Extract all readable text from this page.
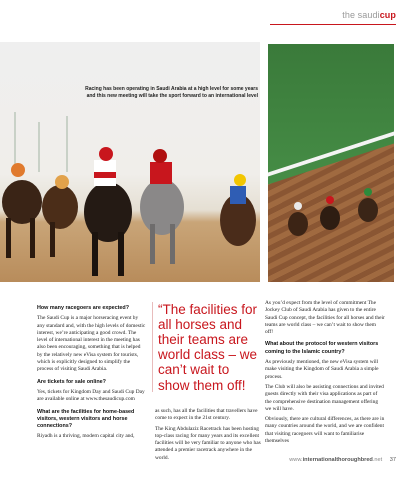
the saudicup
Racing has been operating in Saudi Arabia at a high level for some years and this new meeting will take the sport forward to an international level

How many racegoers are expected?

The Saudi Cup is a major horseracing event by any standard and, with the high levels of domestic interest, we’re anticipating a good crowd. The level of international interest in the meeting has also been encouraging, something that is helped by the relatively new eVisa system for tourists, which is explicitly designed to simplify the process of visiting Saudi Arabia.

Are tickets for sale online?

Yes, tickets for Kingdom Day and Saudi Cup Day are available online at www.thesaudicup.com

What are the facilities for home-based visitors, western visitors and horse connections?

Riyadh is a thriving, modern capital city and,

“The facilities for all horses and their teams are world class – we can’t wait to show them off!

as such, has all the facilities that travellers have come to expect in the 21st century.

The King Abdulaziz Racetrack has been hosting top-class racing for many years and its excellent facilities will be very familiar to anyone who has attended a premier racetrack anywhere in the world.

As you’d expect from the level of commitment The Jockey Club of Saudi Arabia has given to the entire Saudi Cup concept, the facilities for all horses and their teams are world class – we can’t wait to show them off!

What about the protocol for western visitors coming to the Islamic country?

As previously mentioned, the new eVisa system will make visiting the Kingdom of Saudi Arabia a simple process.

The Club will also be assisting connections and invited guests directly with their visa applications as part of the comprehensive destination management offering we will have.

Obviously, there are cultural differences, as there are in many countries around the world, and we are confident that visiting racegoers will want to familiarise themselves

www.internationalthoroughbred.net 37
